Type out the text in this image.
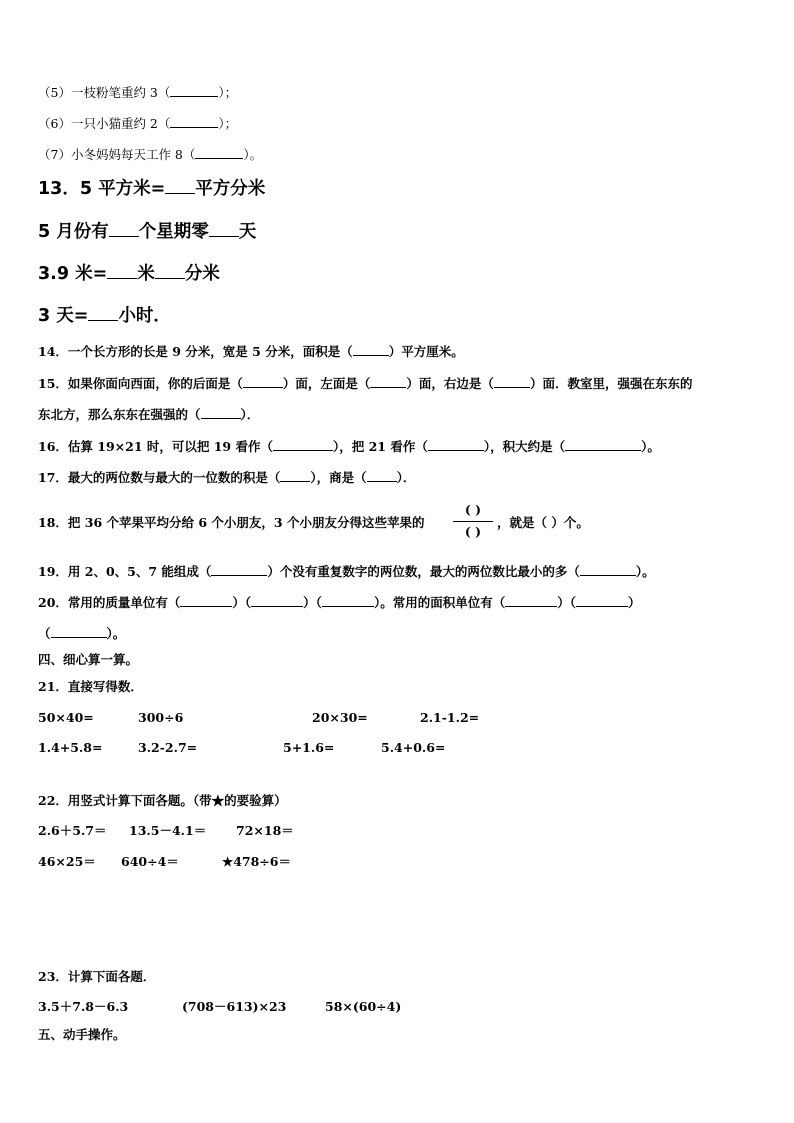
（5）一枝粉笔重约 3（	）；
（6）一只小猫重约 2（	）；
（7）小冬妈妈每天工作 8（	）。
13．5 平方米= 平方分米
5 月份有 个星期零 天
3.9 米= 米 分米
3 天= 小时．
14．一个长方形的长是 9 分米，宽是 5 分米，面积是（	）平方厘米。
15．如果你面向西面，你的后面是（	）面，左面是（	）面，右边是（	）面．教室里，强强在东东的
东北方，那么东东在强强的（	）．
16．估算 19×21 时，可以把 19 看作（	），把 21 看作（	），积大约是（	）。
17．最大的两位数与最大的一位数的积是（ ），商是（ ）．
18．把 36 个苹果平均分给 6 个小朋友，3 个小朋友分得这些苹果的
( )
( )
，就是（ ）个。
19．用 2、0、5、7 能组成（	）个没有重复数字的两位数，最大的两位数比最小的多（	）。
20．常用的质量单位有（	）（	）（	）。常用的面积单位有（	）（	）
（	）。
四、细心算一算。
21．直接写得数．
50×40=	300÷6	20×30=	2.1-1.2=
1.4+5.8=	3.2-2.7=	5+1.6=	5.4+0.6=
22．用竖式计算下面各题。（带★的要验算）
2.6＋5.7＝ 13.5－4.1＝ 72×18＝
46×25＝ 640÷4＝	★478÷6＝
23．计算下面各题．
3.5＋7.8－6.3	(708－613)×23	58×(60÷4)
五、动手操作。
